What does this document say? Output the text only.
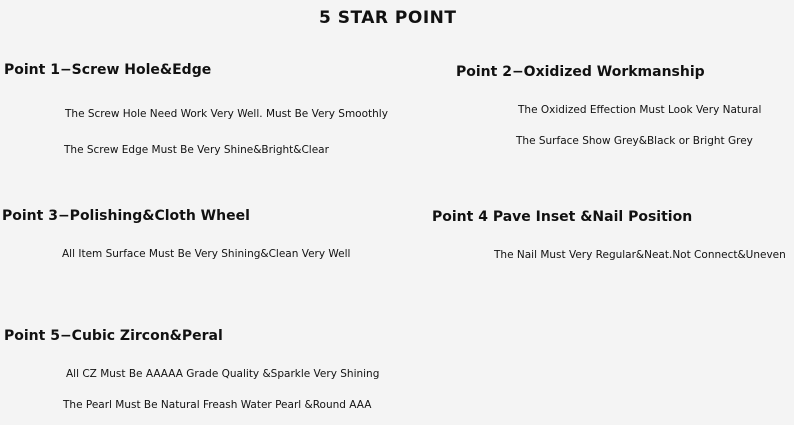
5 STAR POINT
Point 1−Screw Hole&Edge
The Screw Hole Need Work Very Well. Must Be Very Smoothly
The Screw Edge Must Be Very Shine&Bright&Clear
Point 2−Oxidized Workmanship
The Oxidized Effection Must Look Very Natural
The Surface Show Grey&Black or Bright Grey
Point 3−Polishing&Cloth Wheel
All Item Surface Must Be Very Shining&Clean Very Well
Point 4 Pave Inset &Nail Position
The Nail Must Very Regular&Neat.Not Connect&Uneven
Point 5−Cubic Zircon&Peral
All CZ Must Be AAAAA Grade Quality &Sparkle Very Shining
The Pearl Must Be Natural Freash Water Pearl &Round AAA
